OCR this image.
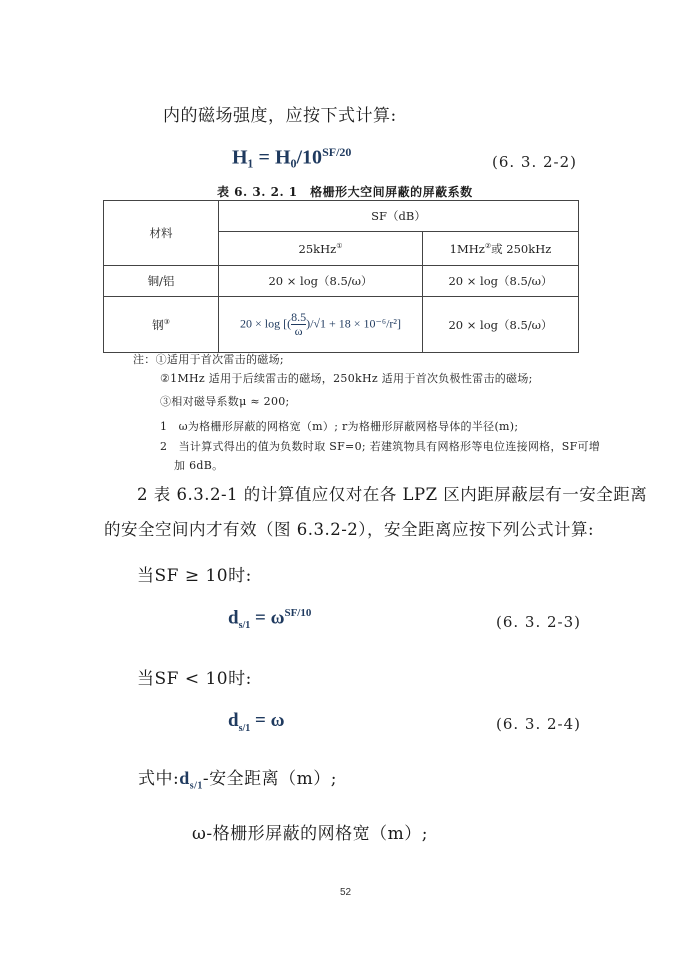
内的磁场强度，应按下式计算:
$H_1 = H_0/10^{SF/20}$
(6. 3. 2-2)
表 6. 3. 2. 1　格栅形大空间屏蔽的屏蔽系数
材料	SF（dB）	
	25kHz①	1MHz②或 250kHz
铜/铝	20 × log（8.5/ω）	20 × log（8.5/ω）
钢③	20 × log [( $\frac{8.5}{\omega} )/√1 + 18 \times 10^{-6}/r^2$]	20 × log（8.5/ω）
注：①适用于首次雷击的磁场;
②1MHz 适用于后续雷击的磁场，250kHz 适用于首次负极性雷击的磁场;
③相对磁导系数μ ≈ 200;
1　ω为格栅形屏蔽的网格宽（m）; r为格栅形屏蔽网格导体的半径(m);
2　当计算式得出的值为负数时取 SF=0; 若建筑物具有网格形等电位连接网格，SF可增
加 6dB。
2 表 6.3.2-1 的计算值应仅对在各 LPZ 区内距屏蔽层有一安全距离
的安全空间内才有效（图 6.3.2-2），安全距离应按下列公式计算:
当SF ≥ 10时:
$d_{s/1} = \omega^{SF/10}$	(6. 3. 2-3)
当SF < 10时:
$d_{s/1} = \omega$	(6. 3. 2-4)
式中$:d_{s/1}-$安全距离（m）;
ω-格栅形屏蔽的网格宽（m）;
52
